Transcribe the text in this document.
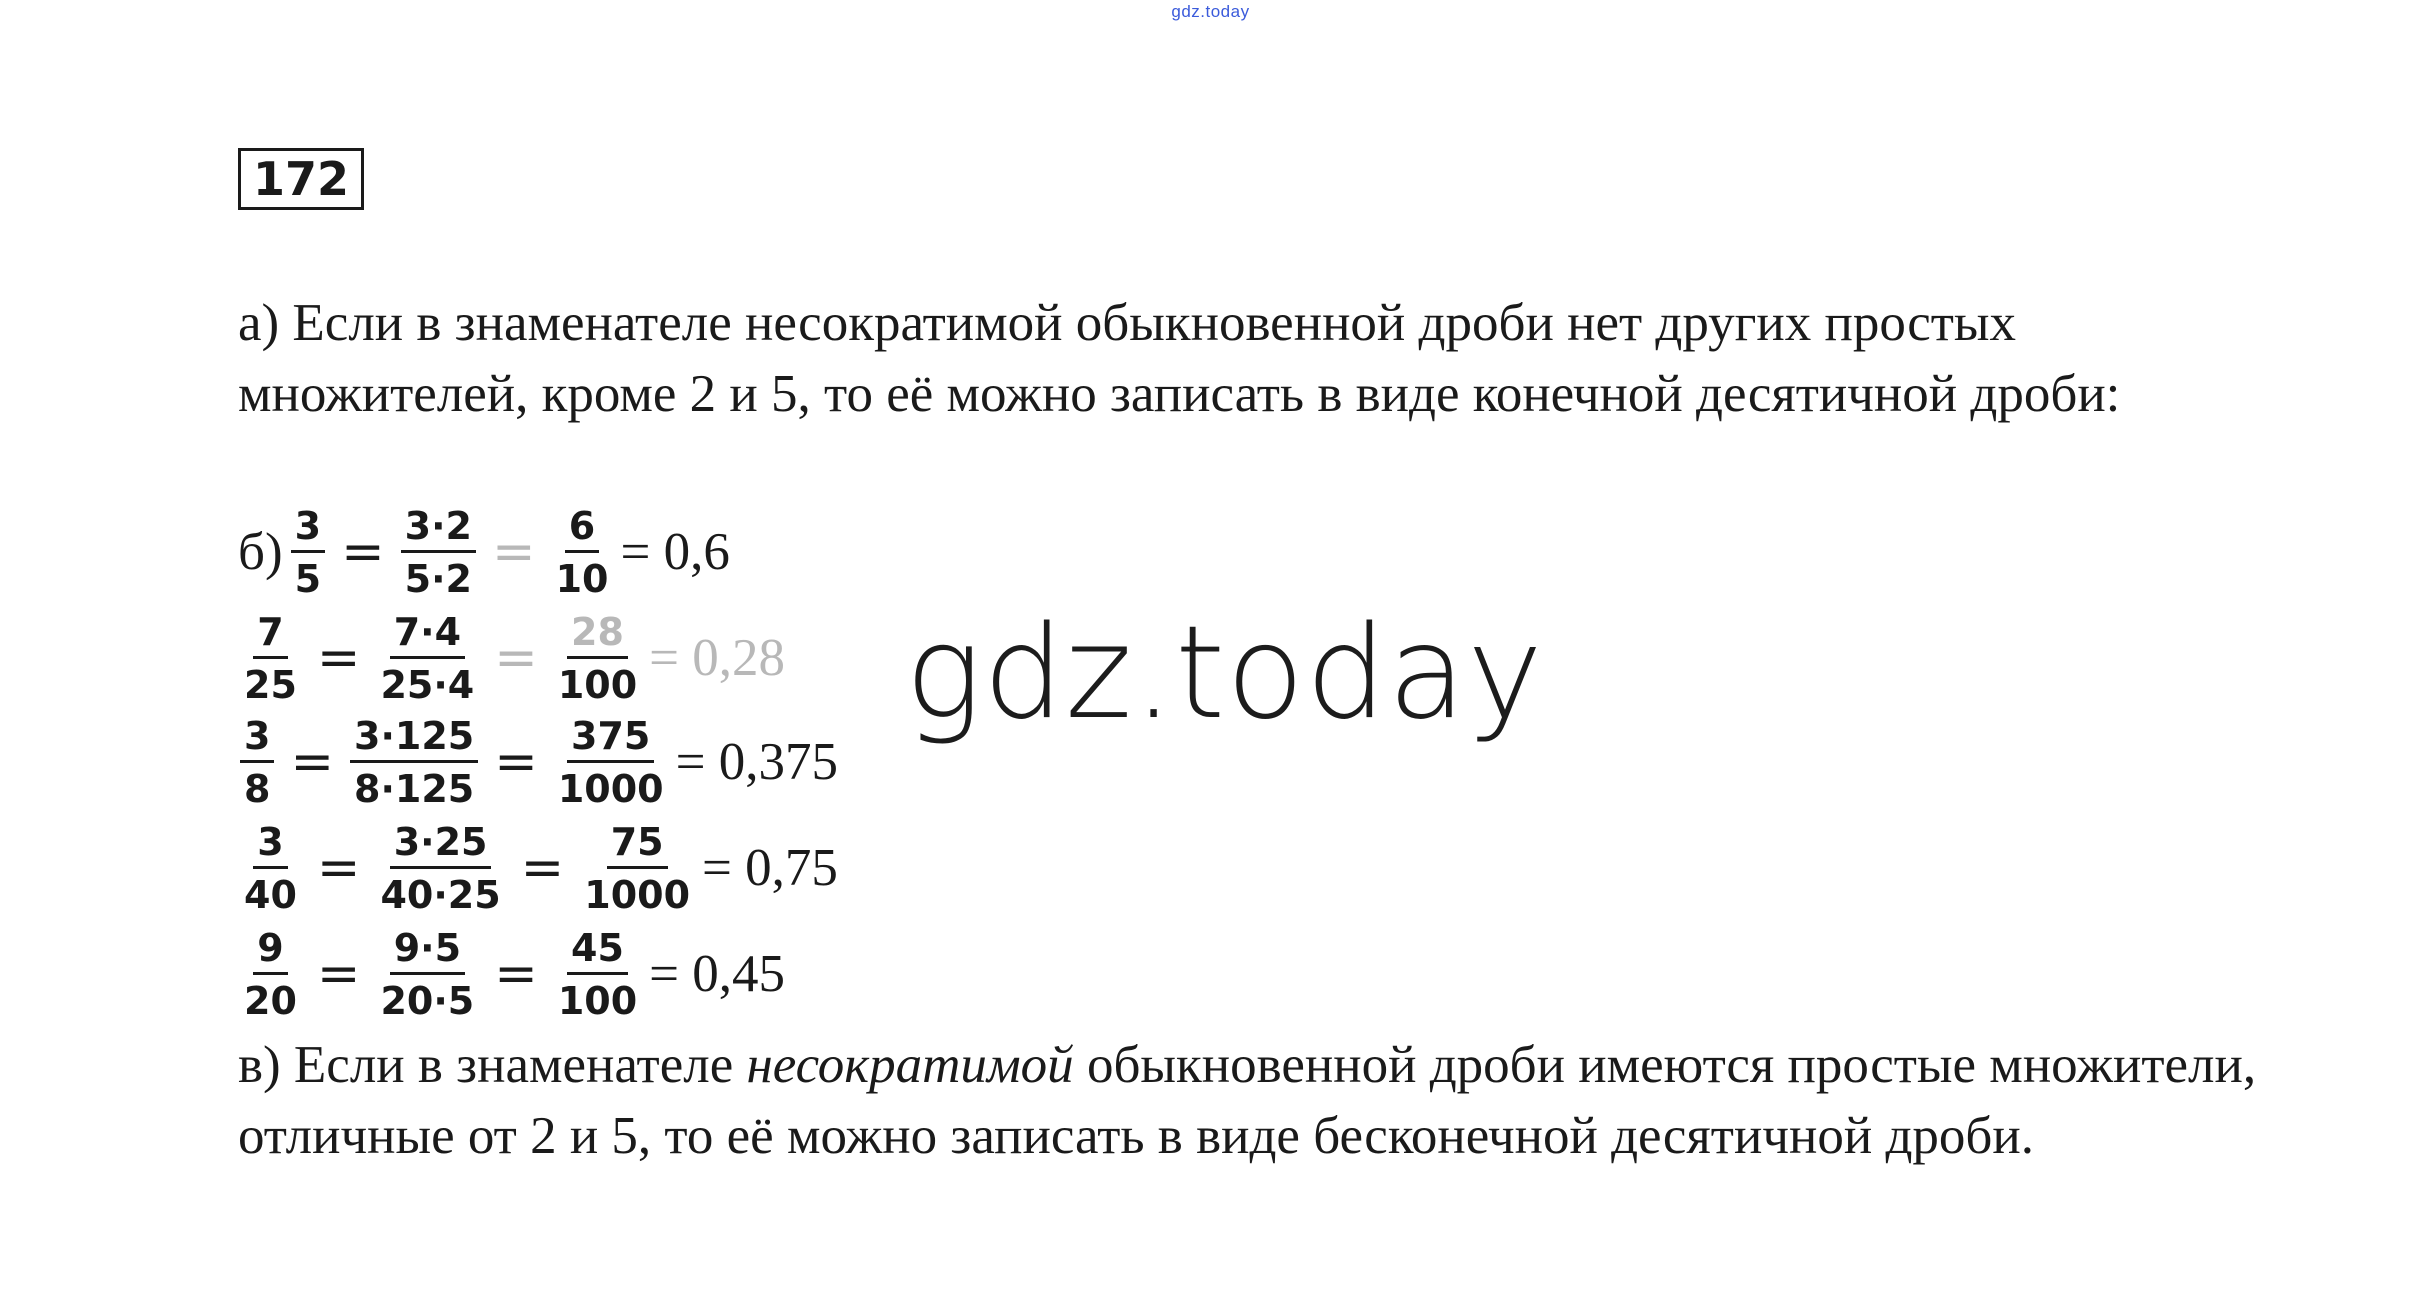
gdz.today
172

а) Если в знаменателе несократимой обыкновенной дроби нет других простых множителей, кроме 2 и 5, то её можно записать в виде конечной десятичной дроби:

$б) \frac{3}{5} = \frac{3\cdot 2}{5\cdot 2} = \frac{6}{10} = 0,6$
$\frac{7}{25} = \frac{7\cdot 4}{25\cdot 4} = \frac{28}{100} = 0,28$
$\frac{3}{8} = \frac{3\cdot 125}{8\cdot 125} = \frac{375}{1000} = 0,375$
$\frac{3}{40} = \frac{3\cdot 25}{40\cdot 25} = \frac{75}{1000} = 0,75$
$\frac{9}{20} = \frac{9\cdot 5}{20\cdot 5} = \frac{45}{100} = 0,45$

в) Если в знаменателе несократимой обыкновенной дроби имеются простые множители, отличные от 2 и 5, то её можно записать в виде бесконечной десятичной дроби.

gdz.today
